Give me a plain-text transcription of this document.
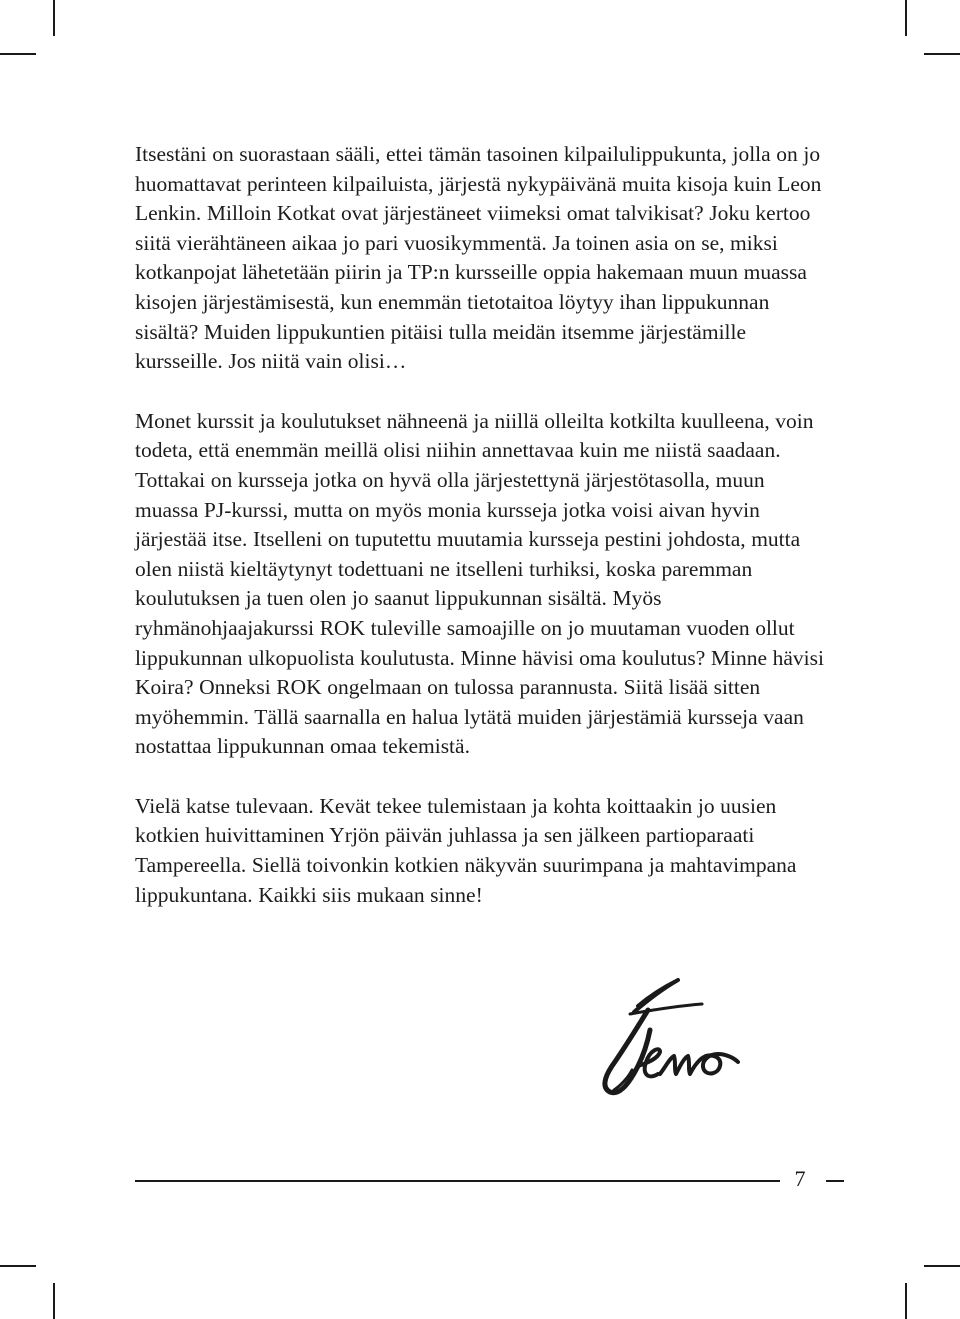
Itsestäni on suorastaan sääli, ettei tämän tasoinen kilpailulippukunta, jolla on jo huomattavat perinteen kilpailuista, järjestä nykypäivänä muita kisoja kuin Leon Lenkin. Milloin Kotkat ovat järjestäneet viimeksi omat talvikisat? Joku kertoo siitä vierähtäneen aikaa jo pari vuosikymmentä. Ja toinen asia on se, miksi kotkanpojat lähetetään piirin ja TP:n kursseille oppia hakemaan muun muassa kisojen järjestämisestä, kun enemmän tietotaitoa löytyy ihan lippukunnan sisältä? Muiden lippukuntien pitäisi tulla meidän itsemme järjestämille kursseille. Jos niitä vain olisi…

Monet kurssit ja koulutukset nähneenä ja niillä olleilta kotkilta kuulleena, voin todeta, että enemmän meillä olisi niihin annettavaa kuin me niistä saadaan. Tottakai on kursseja jotka on hyvä olla järjestettynä järjestötasolla, muun muassa PJ-kurssi, mutta on myös monia kursseja jotka voisi aivan hyvin järjestää itse. Itselleni on tuputettu muutamia kursseja pestini johdosta, mutta olen niistä kieltäytynyt todettuani ne itselleni turhiksi, koska paremman koulutuksen ja tuen olen jo saanut lippukunnan sisältä. Myös ryhmänohjaajakurssi ROK tuleville samoajille on jo muutaman vuoden ollut lippukunnan ulkopuolista koulutusta. Minne hävisi oma koulutus? Minne hävisi Koira? Onneksi ROK ongelmaan on tulossa parannusta. Siitä lisää sitten myöhemmin. Tällä saarnalla en halua lytätä muiden järjestämiä kursseja vaan nostattaa lippukunnan omaa tekemistä.

Vielä katse tulevaan. Kevät tekee tulemistaan ja kohta koittaakin jo uusien kotkien huivittaminen Yrjön päivän juhlassa ja sen jälkeen partioparaati Tampereella. Siellä toivonkin kotkien näkyvän suurimpana ja mahtavimpana lippukuntana. Kaikki siis mukaan sinne!

7
